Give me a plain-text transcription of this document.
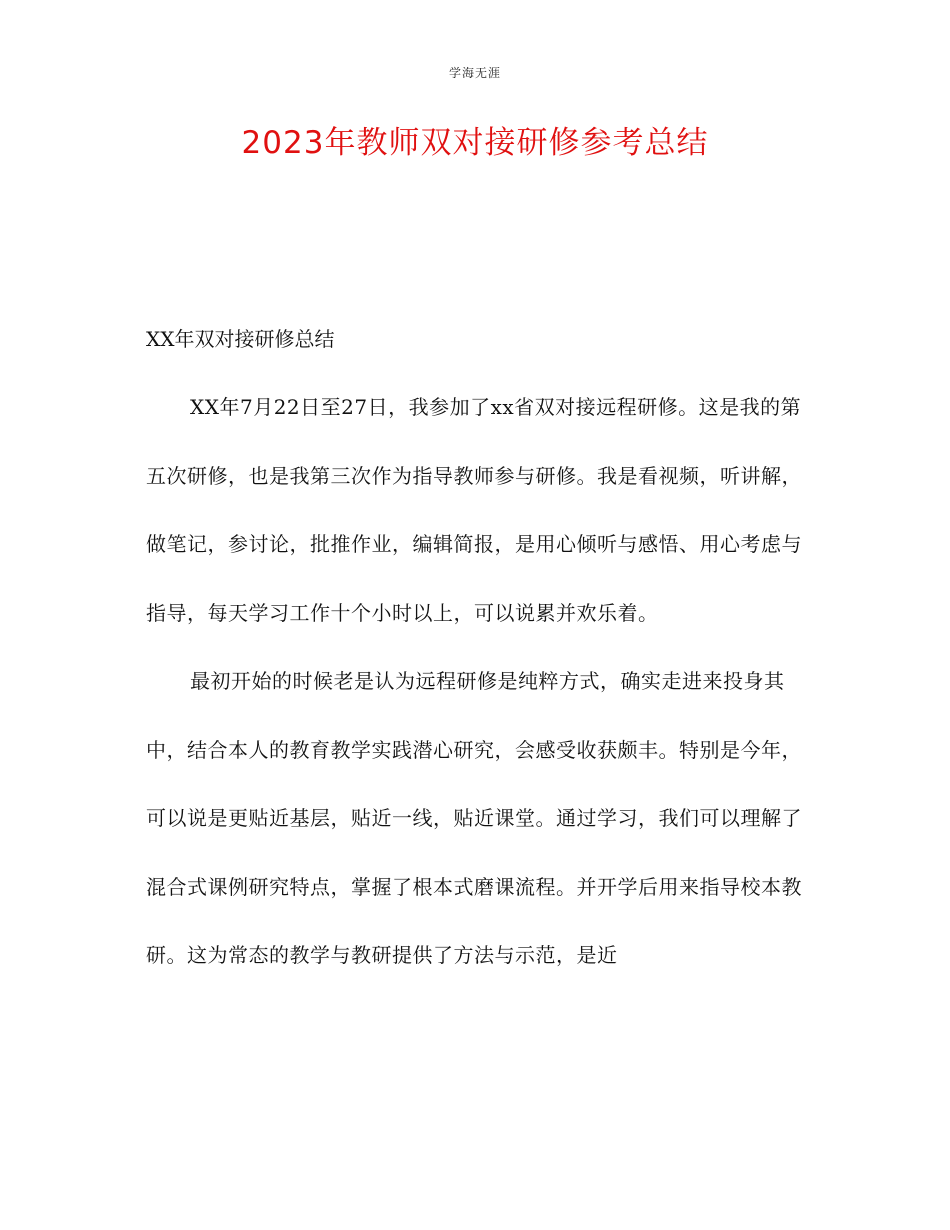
学海无涯
2023年教师双对接研修参考总结

XX年双对接研修总结

XX年7月22日至27日，我参加了xx省双对接远程研修。这是我的第五次研修，也是我第三次作为指导教师参与研修。我是看视频，听讲解，做笔记，参讨论，批推作业，编辑简报，是用心倾听与感悟、用心考虑与指导，每天学习工作十个小时以上，可以说累并欢乐着。

最初开始的时候老是认为远程研修是纯粹方式，确实走进来投身其中，结合本人的教育教学实践潜心研究，会感受收获颇丰。特别是今年，可以说是更贴近基层，贴近一线，贴近课堂。通过学习，我们可以理解了混合式课例研究特点，掌握了根本式磨课流程。并开学后用来指导校本教研。这为常态的教学与教研提供了方法与示范，是近
